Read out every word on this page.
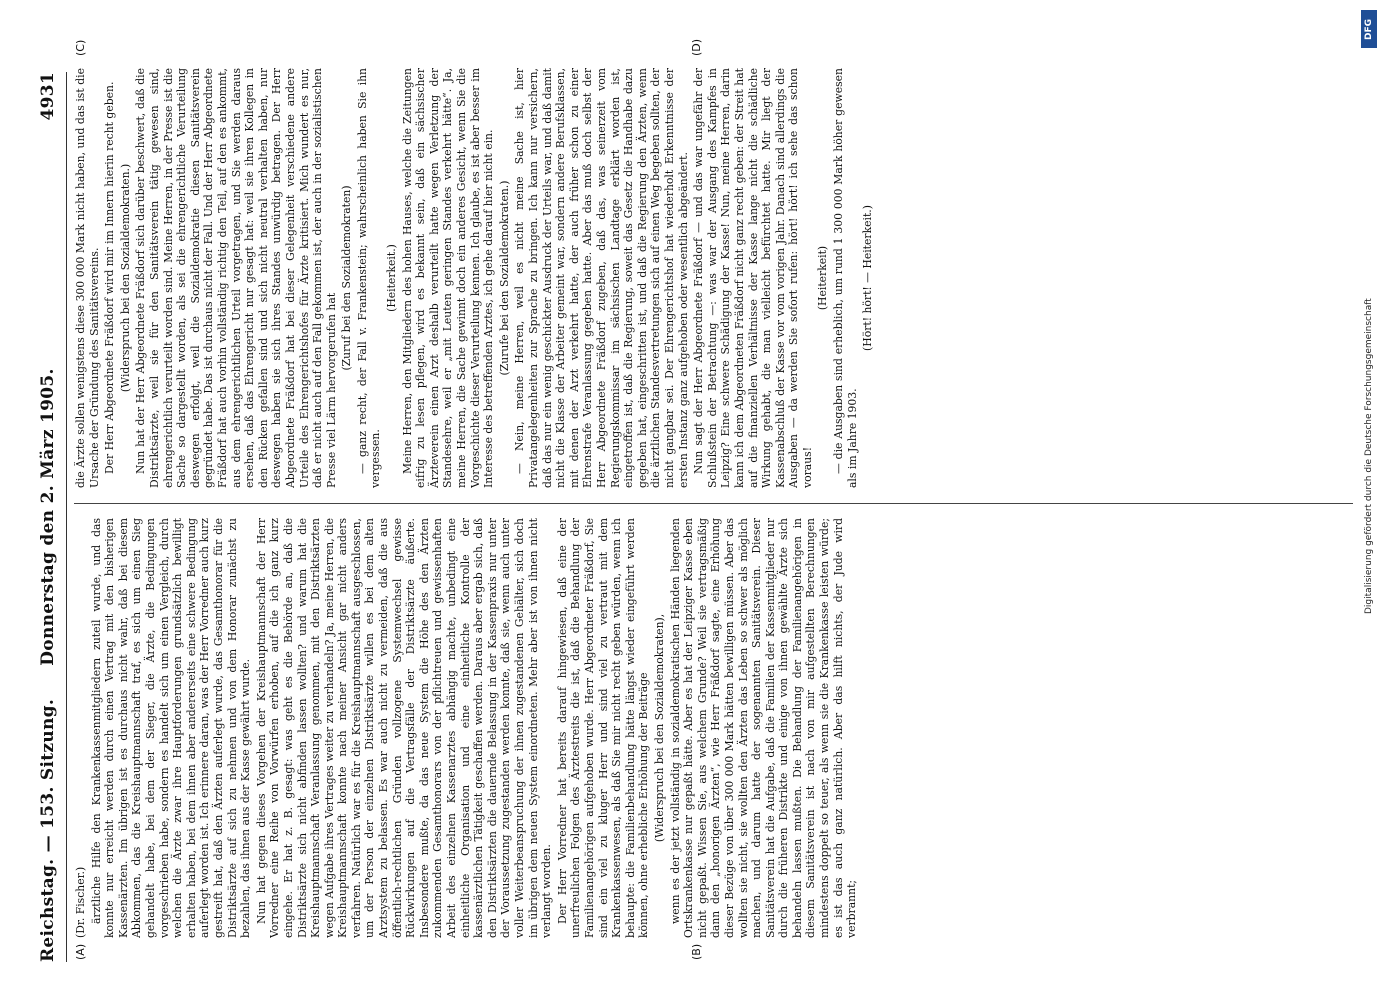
Reichstag. — 153. Sitzung.
Donnerstag den 2. März 1905.
4931
(A)	(B)
(C)	(D)

(Dr. Fischer.) ärztliche Hilfe den Krankenkassenmitgliedern zuteil wurde, und das konnte nur erreicht werden durch einen Vertrag mit den bisherigen Kassenärzten. Im übrigen ist es durchaus nicht wahr, daß bei diesem Abkommen, das die Kreishauptmannschaft traf, es sich um einen Sieg gehandelt habe, bei dem der Sieger, die Ärzte, die Bedingungen vorgeschrieben habe, sondern es handelt sich um einen Vergleich, durch welchen die Ärzte zwar ihre Hauptforderungen grundsätzlich bewilligt erhalten haben, bei dem ihnen aber andererseits eine schwere Bedingung auferlegt worden ist. Ich erinnere daran, was der Herr Vorredner auch kurz gestreift hat, daß den Ärzten auferlegt wurde, das Gesamthonorar für die Distriktsärzte auf sich zu nehmen und von dem Honorar zunächst zu bezahlen, das ihnen aus der Kasse gewährt wurde. Nun hat gegen dieses Vorgehen der Kreishauptmannschaft der Herr Vorredner eine Reihe von Vorwürfen erhoben, auf die ich ganz kurz eingehe. Er hat z. B. gesagt: was geht es die Behörde an, daß die Distriktsärzte sich nicht abfinden lassen wollten? und warum hat die Kreishauptmannschaft Veranlassung genommen, mit den Distriktsärzten wegen Aufgabe ihres Vertrages weiter zu verhandeln? Ja, meine Herren, die Kreishauptmannschaft konnte nach meiner Ansicht gar nicht anders verfahren. Natürlich war es für die Kreishauptmannschaft ausgeschlossen, um der Person der einzelnen Distriktsärzte willen es bei dem alten Arztsystem zu belassen. Es war auch nicht zu vermeiden, daß die aus öffentlich-rechtlichen Gründen vollzogene Systemwechsel gewisse Rückwirkungen auf die Vertragsfälle der Distriktsärzte äußerte. Insbesondere mußte, da das neue System die Höhe des den Ärzten zukommenden Gesamthonorars von der pflichtreuen und gewissenhaften Arbeit des einzelnen Kassenarztes abhängig machte, unbedingt eine einheitliche Organisation und eine einheitliche Kontrolle der kassenärztlichen Tätigkeit geschaffen werden. Daraus aber ergab sich, daß den Distriktsärzten die dauernde Belassung in der Kassenpraxis nur unter der Voraussetzung zugestanden werden konnte, daß sie, wenn auch unter voller Weiterbeanspruchung der ihnen zugestandenen Gehälter, sich doch im übrigen dem neuen System einordneten. Mehr aber ist von ihnen nicht verlangt worden. Der Herr Vorredner hat bereits darauf hingewiesen, daß eine der unerfreulichen Folgen des Ärztestreits die ist, daß die Behandlung der Familienangehörigen aufgehoben wurde. Herr Abgeordneter Fräßdorf, Sie sind ein viel zu kluger Herr und sind viel zu vertraut mit dem Krankenkassenwesen, als daß Sie mir nicht recht geben würden, wenn ich behaupte: die Familienbehandlung hätte längst wieder eingeführt werden können, ohne erhebliche Erhöhung der Beiträge (Widerspruch bei den Sozialdemokraten), wenn es der jetzt vollständig in sozialdemokratischen Händen liegenden Ortskrankenkasse nur gepaßt hätte. Aber es hat der Leipziger Kasse eben nicht gepaßt. Wissen Sie, aus welchem Grunde? Weil sie vertragsmäßig dann den „honorigen Ärzten“, wie Herr Fräßdorf sagte, eine Erhöhung dieser Bezüge von über 300 000 Mark hätten bewilligen müssen. Aber das wollten sie nicht, sie wollten den Ärzten das Leben so schwer als möglich machen, und darum hatte der sogenannten Sanitätsverein. Dieser Sanitätsverein hat die Aufgabe, daß die Familien der Kassenmitglieder nur durch die früheren Distrikte und einige von ihnen gewählte Ärzte sich behandeln lassen mußten. Die Behandlung der Familienangehörigen in diesem Sanitätsverein ist nach von mir aufgestellten Berechnungen mindestens doppelt so teuer, als wenn sie die Krankenkasse leisten würde; es ist das auch ganz natürlich. Aber das hilft nichts, der Jude wird verbrannt;

die Ärzte sollen wenigstens diese 300 000 Mark nicht haben, und das ist die Ursache der Gründung des Sanitätsvereins. Der Herr Abgeordnete Fräßdorf wird mir im Innern hierin recht geben. (Widerspruch bei den Sozialdemokraten.) Nun hat der Herr Abgeordnete Fräßdorf sich darüber beschwert, daß die Distriktsärzte, weil sie für den Sanitätsverein tätig gewesen sind, ehrengerichtlich verurteilt worden sind. Meine Herren, in der Presse ist die Sache so dargestellt worden, als sei die ehrengerichtliche Verurteilung deswegen erfolgt, weil die Sozialdemokratie diesen Sanitätsverein gegründet habe. Das ist durchaus nicht der Fall. Und der Herr Abgeordnete Fräßdorf hat auch vorhin vollständig richtig den Teil, auf den es ankommt, aus dem ehrengerichtlichen Urteil vorgetragen, und Sie werden daraus ersehen, daß das Ehrengericht nur gesagt hat: weil sie ihren Kollegen in den Rücken gefallen sind und sich nicht neutral verhalten haben, nur deswegen haben sie sich ihres Standes unwürdig betragen. Der Herr Abgeordnete Fräßdorf hat bei dieser Gelegenheit verschiedene andere Urteile des Ehrengerichtshofes für Ärzte kritisiert. Mich wundert es nur, daß er nicht auch auf den Fall gekommen ist, der auch in der sozialistischen Presse viel Lärm hervorgerufen hat

(Zuruf bei den Sozialdemokraten) — ganz recht, der Fall v. Frankenstein; wahrscheinlich haben Sie ihn vergessen.

(Heiterkeit.) Meine Herren, den Mitgliedern des hohen Hauses, welche die Zeitungen eifrig zu lesen pflegen, wird es bekannt sein, daß ein sächsischer Ärzteverein einen Arzt deshalb verurteilt hatte wegen Verletzung der Standesehre, weil er „mit Leuten geringen Standes verkehrt hätte“. Ja, meine Herren, die Sache gewinnt doch ein anderes Gesicht, wenn Sie die Vorgeschichte dieser Verurteilung kennen. Ich glaube, es ist aber besser im Interesse des betreffenden Arztes, ich gehe darauf hier nicht ein. (Zurufe bei den Sozialdemokraten.) — Nein, meine Herren, weil es nicht meine Sache ist, hier Privatangelegenheiten zur Sprache zu bringen. Ich kann nur versichern, daß das nur ein wenig geschickter Ausdruck der Urteils war, und daß damit nicht die Klasse der Arbeiter gemeint war, sondern andere Berufsklassen, mit denen der Arzt verkehrt hatte, der auch früher schon zu einer Ehrenstrafe Veranlassung gegeben hatte. Aber das muß doch selbst der Herr Abgeordnete Fräßdorf zugeben, daß das, was seinerzeit vom Regierungskommissar im sächsischen Landtage erklärt worden ist, eingetroffen ist, daß die Regierung, soweit das Gesetz die Handhabe dazu gegeben hat, eingeschritten ist, und daß die Regierung den Ärzten, wenn die ärztlichen Standesvertretungen sich auf einen Weg begeben sollten, der nicht gangbar sei. Der Ehrengerichtshof hat wiederholt Erkenntnisse der ersten Instanz ganz aufgehoben oder wesentlich abgeändert. Nun sagt der Herr Abgeordnete Fräßdorf — und das war ungefähr der Schlußstein der Betrachtung —: was war der Ausgang des Kampfes in Leipzig? Eine schwere Schädigung der Kasse! Nun, meine Herren, darin kann ich dem Abgeordneten Fräßdorf nicht ganz recht geben: der Streit hat auf die finanziellen Verhältnisse der Kasse lange nicht die schädliche Wirkung gehabt, die man vielleicht befürchtet hatte. Mir liegt der Kassenabschluß der Kasse vor vom vorigen Jahr. Danach sind allerdings die Ausgaben — da werden Sie sofort rufen: hört! hört! ich sehe das schon voraus!

(Heiterkeit) — die Ausgaben sind erheblich, um rund 1 300 000 Mark höher gewesen als im Jahre 1903.

(Hört! hört! — Heiterkeit.)

DFG
Digitalisierung gefördert durch die Deutsche Forschungsgemeinschaft
